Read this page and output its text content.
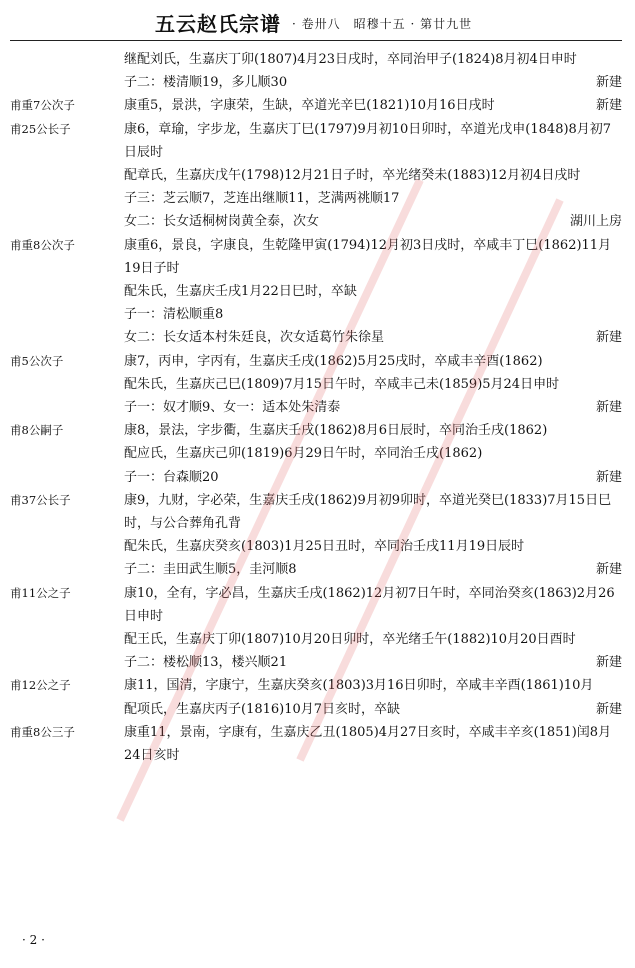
五云赵氏宗谱 · 卷卅八　昭穆十五 · 第廿九世
继配刘氏，生嘉庆丁卯(1807)4月23日戌时，卒同治甲子(1824)8月初4日申时
子二：楼清顺19，多儿顺30	新建
甫重7公次子	康重5，景洪，字康荣，生缺，卒道光辛巳(1821)10月16日戌时	新建
甫25公长子	康6，章瑜，字步龙，生嘉庆丁巳(1797)9月初10日卯时，卒道光戊申(1848)8月初7日辰时
配章氏，生嘉庆戊午(1798)12月21日子时，卒光绪癸未(1883)12月初4日戌时
子三：芝云顺7，芝连出继顺11，芝满两祧顺17
女二：长女适桐树岗黄全泰，次女	湖川上房
甫重8公次子	康重6，景良，字康良，生乾隆甲寅(1794)12月初3日戌时，卒咸丰丁巳(1862)11月19日子时
配朱氏，生嘉庆壬戌1月22日巳时，卒缺
子一：清松顺重8
女二：长女适本村朱廷良，次女适葛竹朱徐星	新建
甫5公次子	康7，丙申，字丙有，生嘉庆壬戌(1862)5月25戌时，卒咸丰辛酉(1862)
配朱氏，生嘉庆己巳(1809)7月15日午时，卒咸丰己未(1859)5月24日申时
子一：奴才顺9、女一：适本处朱清泰	新建
甫8公嗣子	康8，景法，字步衢，生嘉庆壬戌(1862)8月6日辰时，卒同治壬戌(1862)
配应氏，生嘉庆己卯(1819)6月29日午时，卒同治壬戌(1862)
子一：台森顺20	新建
甫37公长子	康9，九财，字必荣，生嘉庆壬戌(1862)9月初9卯时，卒道光癸巳(1833)7月15日巳时，与公合葬角孔背
配朱氏，生嘉庆癸亥(1803)1月25日丑时，卒同治壬戌11月19日辰时
子二：圭田武生顺5，圭河顺8	新建
甫11公之子	康10，全有，字必昌，生嘉庆壬戌(1862)12月初7日午时，卒同治癸亥(1863)2月26日申时
配王氏，生嘉庆丁卯(1807)10月20日卯时，卒光绪壬午(1882)10月20日酉时
子二：楼松顺13，楼兴顺21	新建
甫12公之子	康11，国清，字康宁，生嘉庆癸亥(1803)3月16日卯时，卒咸丰辛酉(1861)10月
配项氏，生嘉庆丙子(1816)10月7日亥时，卒缺	新建
甫重8公三子	康重11，景南，字康有，生嘉庆乙丑(1805)4月27日亥时，卒咸丰辛亥(1851)闰8月24日亥时
· 2 ·
